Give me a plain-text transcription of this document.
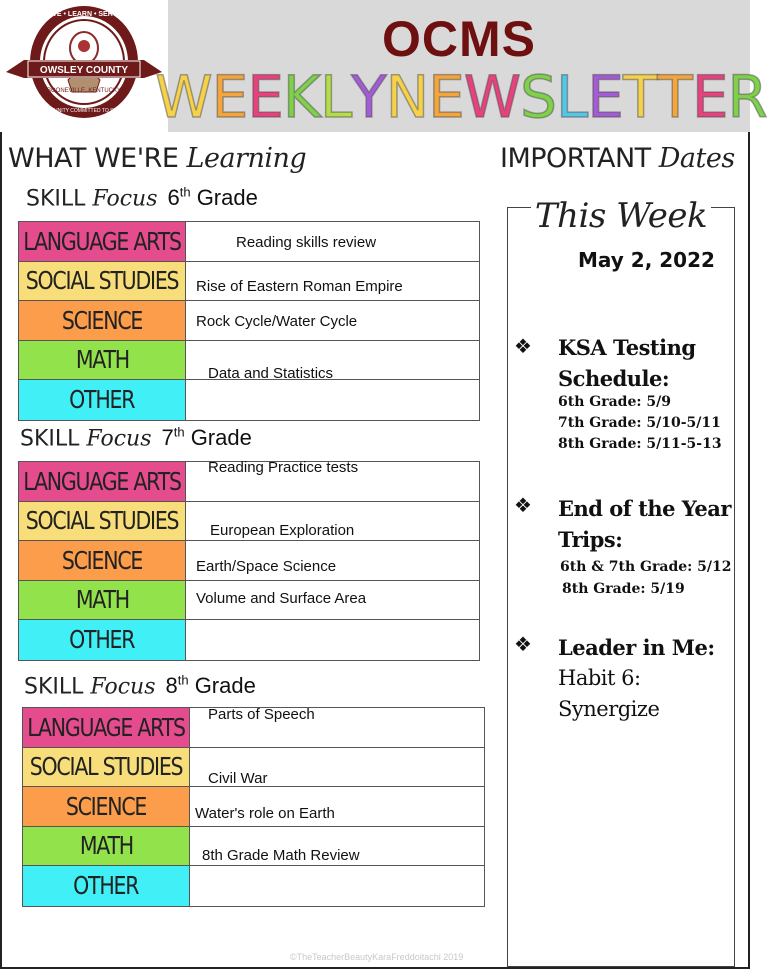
OWSLEY COUNTY
LIVE • LEARN • SERVE
BOONEVILLE, KENTUCKY
A COMMUNITY COMMITTED TO SUCCESS
OCMS
W E E K L Y N E W S L E T T E R
WHAT WE'RE Learning	IMPORTANT Dates
SKILL Focus 6th Grade
LANGUAGE ARTS	Reading skills review
SOCIAL STUDIES Rise of Eastern Roman Empire
SCIENCE	Rock Cycle/Water Cycle
MATH	Data and Statistics
OTHER
SKILL Focus 7th Grade
LANGUAGE ARTS Reading Practice tests
SOCIAL STUDIES European Exploration
SCIENCE	Earth/Space Science
MATH	Volume and Surface Area
OTHER
SKILL Focus 8th Grade
LANGUAGE ARTS Parts of Speech
SOCIAL STUDIES Civil War
SCIENCE	Water's role on Earth
MATH	8th Grade Math Review
OTHER
This Week
May 2, 2022
❖ KSA Testing
Schedule:
6th Grade: 5/9
7th Grade: 5/10-5/11
8th Grade: 5/11-5-13
❖ End of the Year
Trips:
6th & 7th Grade: 5/12
8th Grade: 5/19
❖ Leader in Me:
Habit 6:
Synergize
©TheTeacherBeautyKaraFreddoitachi 2019
